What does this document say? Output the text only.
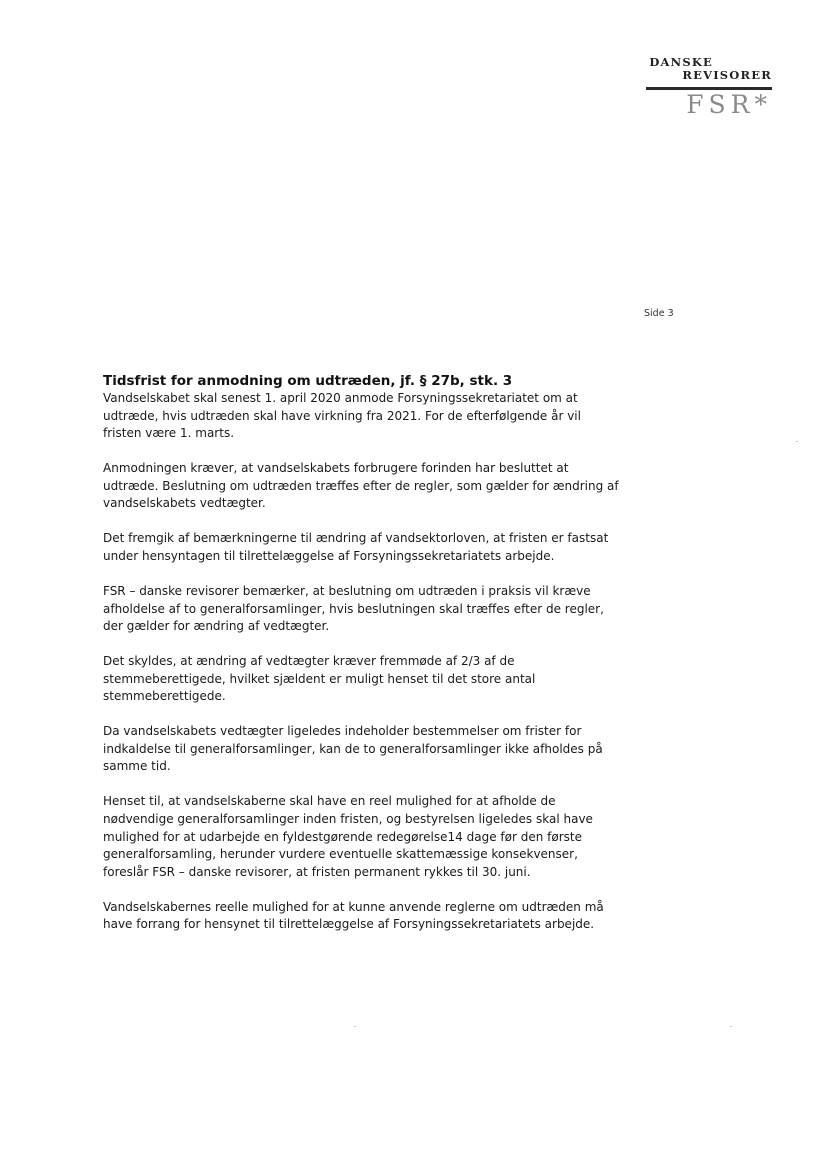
DANSKE
REVISORER
FSR*
Side 3
Tidsfrist for anmodning om udtræden, jf. § 27b, stk. 3

Vandselskabet skal senest 1. april 2020 anmode Forsyningssekretariatet om at udtræde, hvis udtræden skal have virkning fra 2021. For de efterfølgende år vil fristen være 1. marts.

Anmodningen kræver, at vandselskabets forbrugere forinden har besluttet at udtræde. Beslutning om udtræden træffes efter de regler, som gælder for ændring af vandselskabets vedtægter.

Det fremgik af bemærkningerne til ændring af vandsektorloven, at fristen er fastsat under hensyntagen til tilrettelæggelse af Forsyningssekretariatets arbejde.

FSR – danske revisorer bemærker, at beslutning om udtræden i praksis vil kræve afholdelse af to generalforsamlinger, hvis beslutningen skal træffes efter de regler, der gælder for ændring af vedtægter.

Det skyldes, at ændring af vedtægter kræver fremmøde af 2/3 af de stemmeberettigede, hvilket sjældent er muligt henset til det store antal stemmeberettigede.

Da vandselskabets vedtægter ligeledes indeholder bestemmelser om frister for indkaldelse til generalforsamlinger, kan de to generalforsamlinger ikke afholdes på samme tid.

Henset til, at vandselskaberne skal have en reel mulighed for at afholde de nødvendige generalforsamlinger inden fristen, og bestyrelsen ligeledes skal have mulighed for at udarbejde en fyldestgørende redegørelse14 dage før den første generalforsamling, herunder vurdere eventuelle skattemæssige konsekvenser, foreslår FSR – danske revisorer, at fristen permanent rykkes til 30. juni.

Vandselskabernes reelle mulighed for at kunne anvende reglerne om udtræden må have forrang for hensynet til tilrettelæggelse af Forsyningssekretariatets arbejde.
